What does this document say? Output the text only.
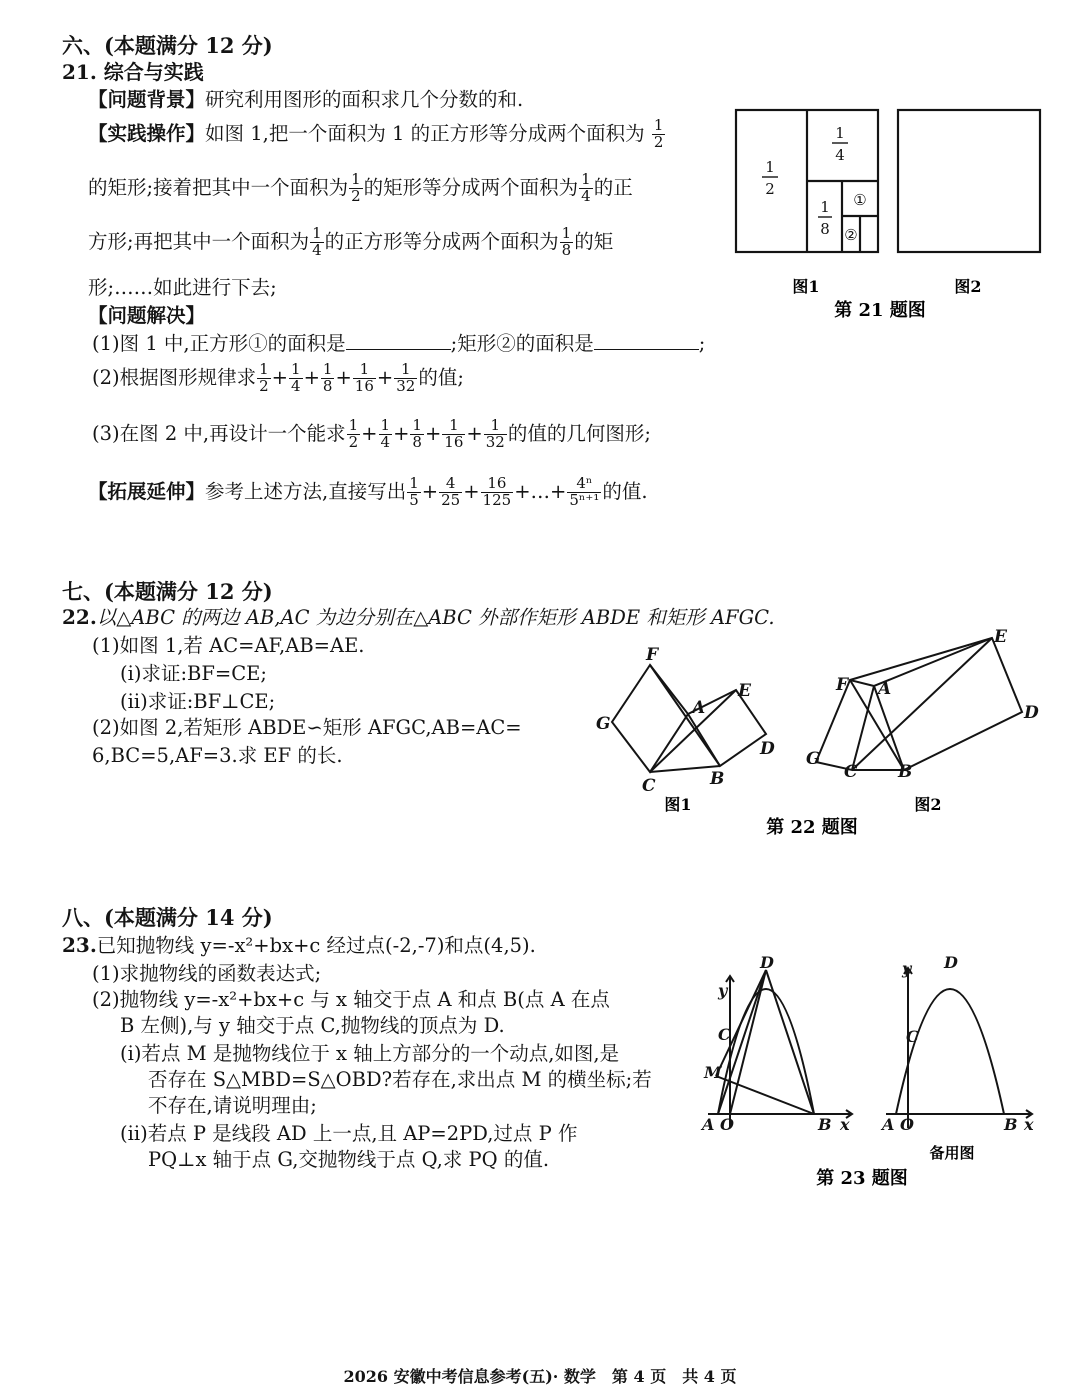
六、(本题满分 12 分)
21. 综合与实践
【问题背景】研究利用图形的面积求几个分数的和.
【实践操作】如图 1,把一个面积为 1 的正方形等分成两个面积为 $\frac{1}{2}$
的矩形;接着把其中一个面积为 $\frac{1}{2}$ 的矩形等分成两个面积为 $\frac{1}{4}$ 的正
方形;再把其中一个面积为 $\frac{1}{4}$ 的正方形等分成两个面积为 $\frac{1}{8}$ 的矩
形;……如此进行下去;
【问题解决】
(1)图 1 中,正方形①的面积是	;矩形②的面积是	;
(2)根据图形规律求 $\frac{1}{2} + \frac{1}{4} + \frac{1}{8} + \frac{1}{16} + \frac{1}{32}$ 的值;
(3)在图 2 中,再设计一个能求 $\frac{1}{2} + \frac{1}{4} + \frac{1}{8} + \frac{1}{16} + \frac{1}{32}$ 的值的几何图形;
【拓展延伸】参考上述方法,直接写出 $\frac{1}{5} + \frac{4}{25} + \frac{16}{125}$ +…+ $\frac{\text{4ⁿ}}{\text{5ⁿ⁺¹}}$ 的值.
1
2
1
4
1
8
①
②
图1	图2
第 21 题图
七、(本题满分 12 分)
22.以△ABC 的两边 AB,AC 为边分别在△ABC 外部作矩形 ABDE 和矩形 AFGC.
(1)如图 1,若 AC=AF,AB=AE.
(i)求证:BF=CE;
(ii)求证:BF⊥CE;
(2)如图 2,若矩形 ABDE∽矩形 AFGC,AB=AC=
6,BC=5,AF=3.求 EF 的长.
F
G
C
A
E
D
B
F A
E
D
G
C B
图1	图2
第 22 题图
八、(本题满分 14 分)
23.已知抛物线 y=-x²+bx+c 经过点(-2,-7)和点(4,5).
(1)求抛物线的函数表达式;
(2)抛物线 y=-x²+bx+c 与 x 轴交于点 A 和点 B(点 A 在点
B 左侧),与 y 轴交于点 C,抛物线的顶点为 D.
(i)若点 M 是抛物线位于 x 轴上方部分的一个动点,如图,是
否存在 S△MBD=S△OBD?若存在,求出点 M 的横坐标;若
不存在,请说明理由;
(ii)若点 P 是线段 AD 上一点,且 AP=2PD,过点 P 作
PQ⊥x 轴于点 G,交抛物线于点 Q,求 PQ 的值.
y
D
C
M
A O	B x
y D
C
A O	B x
备用图
第 23 题图
2026 安徽中考信息参考(五)· 数学　第 4 页　共 4 页
